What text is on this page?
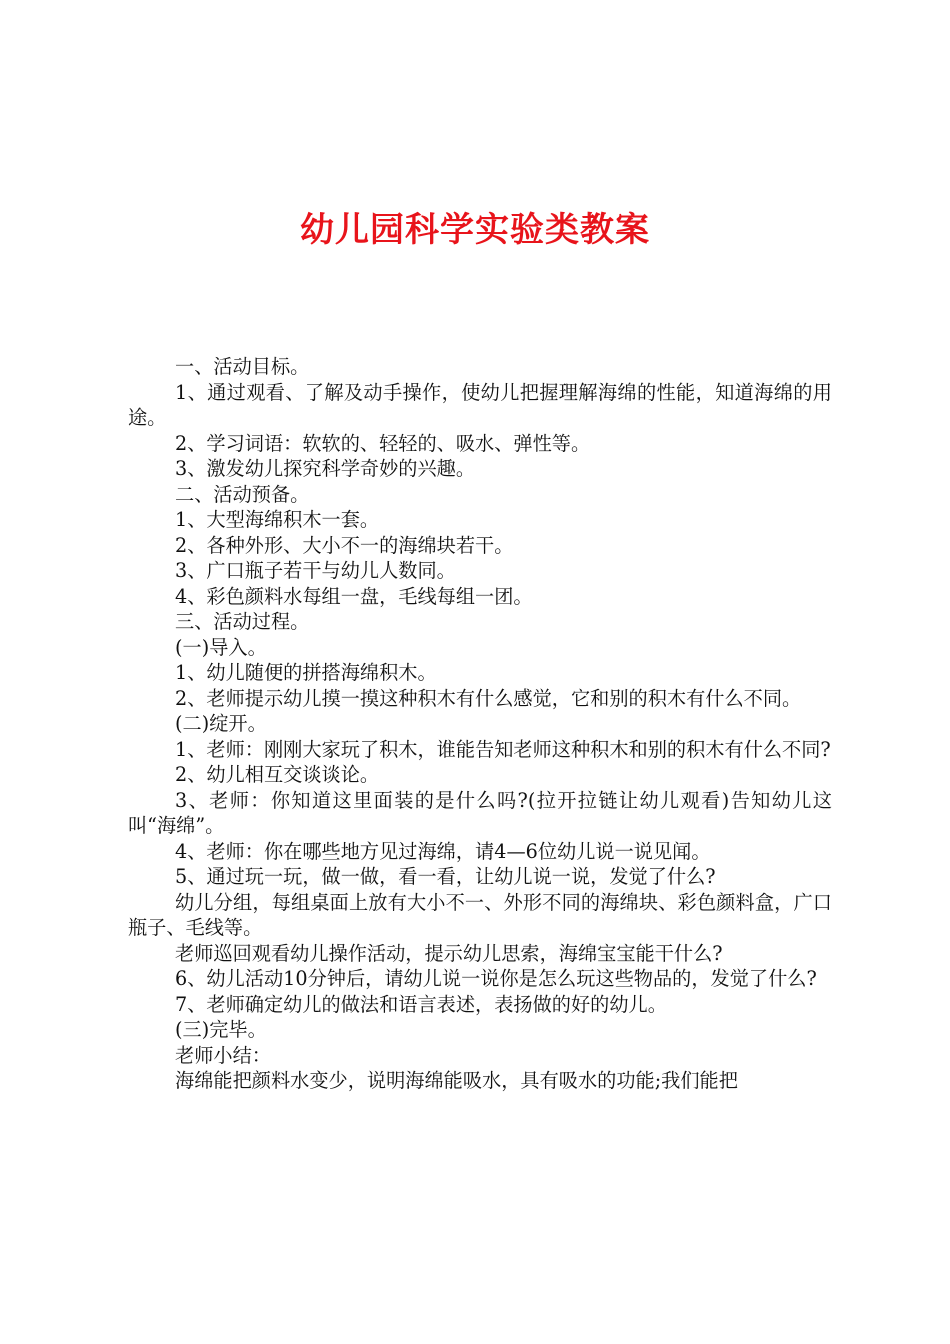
幼儿园科学实验类教案

一、活动目标。

1、通过观看、了解及动手操作，使幼儿把握理解海绵的性能，知道海绵的用途。

2、学习词语：软软的、轻轻的、吸水、弹性等。

3、激发幼儿探究科学奇妙的兴趣。

二、活动预备。

1、大型海绵积木一套。

2、各种外形、大小不一的海绵块若干。

3、广口瓶子若干与幼儿人数同。

4、彩色颜料水每组一盘，毛线每组一团。

三、活动过程。

(一)导入。

1、幼儿随便的拼搭海绵积木。

2、老师提示幼儿摸一摸这种积木有什么感觉，它和别的积木有什么不同。

(二)绽开。

1、老师：刚刚大家玩了积木，谁能告知老师这种积木和别的积木有什么不同?

2、幼儿相互交谈谈论。

3、老师：你知道这里面装的是什么吗?(拉开拉链让幼儿观看)告知幼儿这叫“海绵”。

4、老师：你在哪些地方见过海绵，请4—6位幼儿说一说见闻。

5、通过玩一玩，做一做，看一看，让幼儿说一说，发觉了什么?

幼儿分组，每组桌面上放有大小不一、外形不同的海绵块、彩色颜料盒，广口瓶子、毛线等。

老师巡回观看幼儿操作活动，提示幼儿思索，海绵宝宝能干什么?

6、幼儿活动10分钟后，请幼儿说一说你是怎么玩这些物品的，发觉了什么?

7、老师确定幼儿的做法和语言表述，表扬做的好的幼儿。

(三)完毕。

老师小结：

海绵能把颜料水变少，说明海绵能吸水，具有吸水的功能;我们能把
